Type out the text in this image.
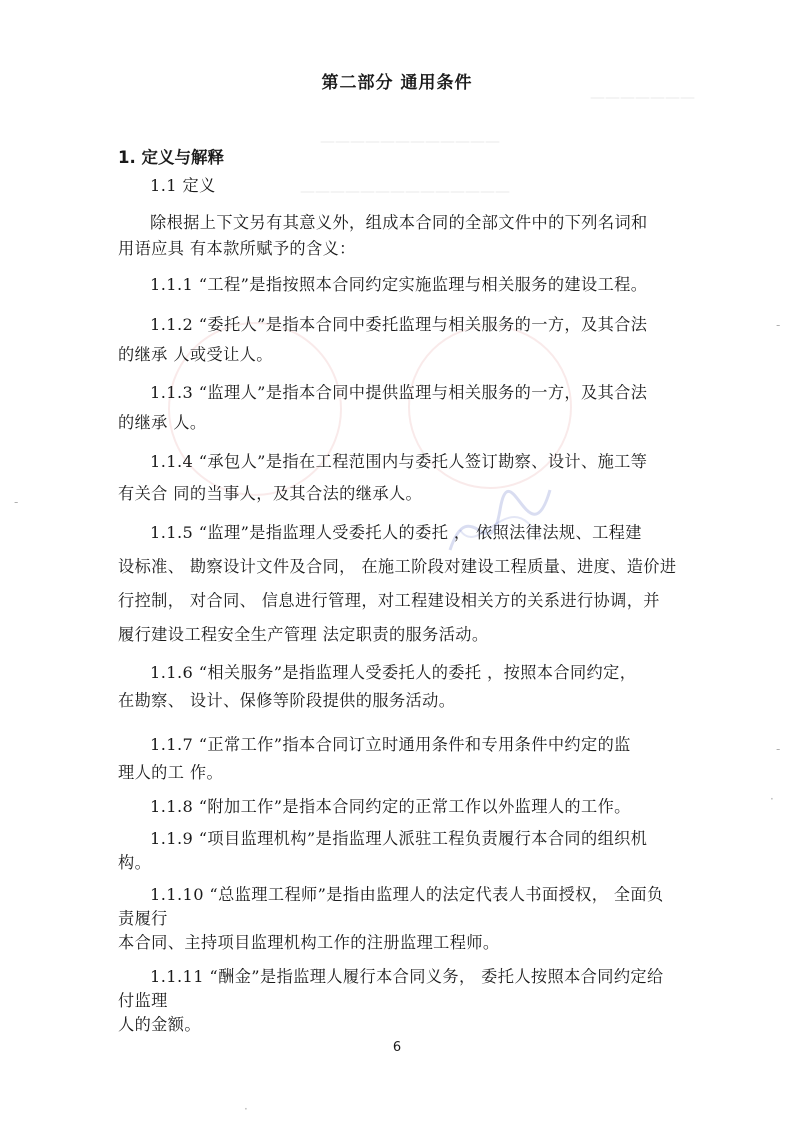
———————
————————————
——————————————
-
-
·
-
·
第二部分 通用条件
1. 定义与解释
1.1 定义
除根据上下文另有其意义外，组成本合同的全部文件中的下列名词和
用语应具 有本款所赋予的含义：
1.1.1 “工程”是指按照本合同约定实施监理与相关服务的建设工程。
1.1.2 “委托人”是指本合同中委托监理与相关服务的一方，及其合法
的继承 人或受让人。
1.1.3 “监理人”是指本合同中提供监理与相关服务的一方，及其合法
的继承 人。
1.1.4 “承包人”是指在工程范围内与委托人签订勘察、设计、施工等
有关合 同的当事人，及其合法的继承人。
1.1.5 “监理”是指监理人受委托人的委托 ， 依照法律法规、工程建
设标准、 勘察设计文件及合同， 在施工阶段对建设工程质量、进度、造价进
行控制， 对合同、 信息进行管理，对工程建设相关方的关系进行协调，并
履行建设工程安全生产管理 法定职责的服务活动。
1.1.6 “相关服务”是指监理人受委托人的委托 ，按照本合同约定，
在勘察、 设计、保修等阶段提供的服务活动。
1.1.7 “正常工作”指本合同订立时通用条件和专用条件中约定的监
理人的工 作。
1.1.8 “附加工作”是指本合同约定的正常工作以外监理人的工作。
1.1.9 “项目监理机构”是指监理人派驻工程负责履行本合同的组织机
构。
1.1.10 “总监理工程师”是指由监理人的法定代表人书面授权， 全面负
责履行
本合同、主持项目监理机构工作的注册监理工程师。
1.1.11 “酬金”是指监理人履行本合同义务， 委托人按照本合同约定给
付监理
人的金额。
6
